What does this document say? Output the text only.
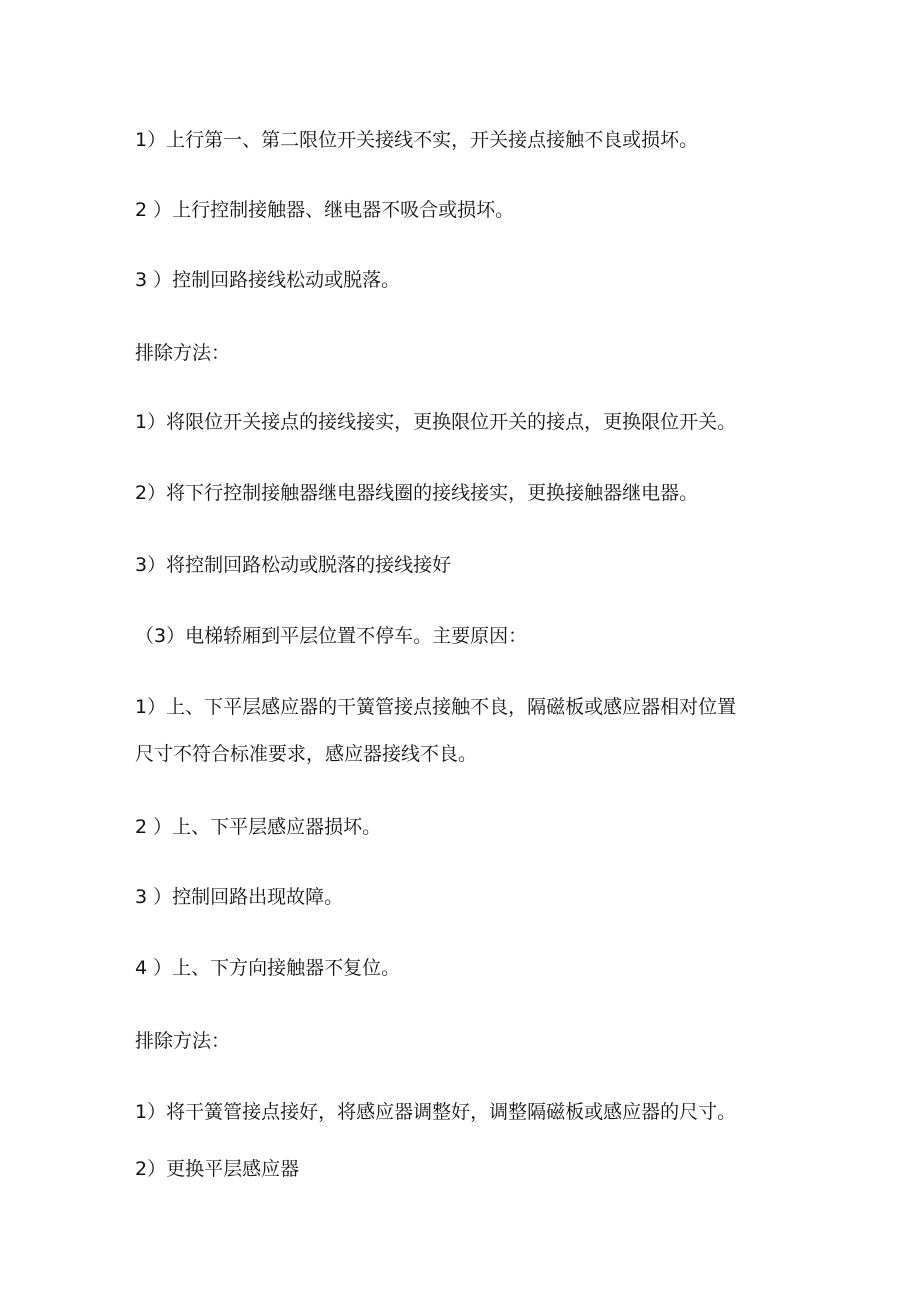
1）上行第一、第二限位开关接线不实，开关接点接触不良或损坏。
2 ）上行控制接触器、继电器不吸合或损坏。
3 ）控制回路接线松动或脱落。
排除方法：
1）将限位开关接点的接线接实，更换限位开关的接点，更换限位开关。
2）将下行控制接触器继电器线圈的接线接实，更换接触器继电器。
3）将控制回路松动或脱落的接线接好
（3）电梯轿厢到平层位置不停车。主要原因：
1）上、下平层感应器的干簧管接点接触不良，隔磁板或感应器相对位置
尺寸不符合标准要求，感应器接线不良。
2 ）上、下平层感应器损坏。
3 ）控制回路出现故障。
4 ）上、下方向接触器不复位。
排除方法：
1）将干簧管接点接好，将感应器调整好，调整隔磁板或感应器的尺寸。
2）更换平层感应器
